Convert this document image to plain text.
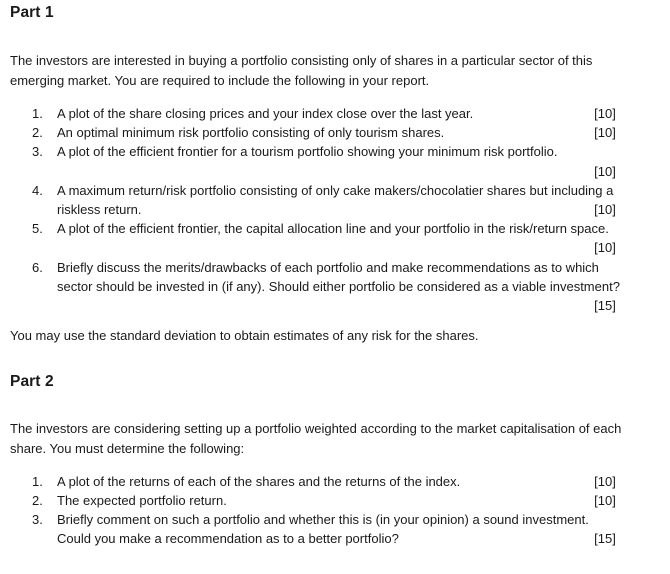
Part 1
The investors are interested in buying a portfolio consisting only of shares in a particular sector of this
emerging market. You are required to include the following in your report.
1.	A plot of the share closing prices and your index close over the last year.	[10]
2.	An optimal minimum risk portfolio consisting of only tourism shares.	[10]
3.	A plot of the efficient frontier for a tourism portfolio showing your minimum risk portfolio.
[10]
4.	A maximum return/risk portfolio consisting of only cake makers/chocolatier shares but including a
riskless return.	[10]
5.	A plot of the efficient frontier, the capital allocation line and your portfolio in the risk/return space.
[10]
6.	Briefly discuss the merits/drawbacks of each portfolio and make recommendations as to which
sector should be invested in (if any). Should either portfolio be considered as a viable investment?
[15]
You may use the standard deviation to obtain estimates of any risk for the shares.
Part 2
The investors are considering setting up a portfolio weighted according to the market capitalisation of each
share. You must determine the following:
1.	A plot of the returns of each of the shares and the returns of the index.	[10]
2.	The expected portfolio return.	[10]
3.	Briefly comment on such a portfolio and whether this is (in your opinion) a sound investment.
Could you make a recommendation as to a better portfolio?	[15]
